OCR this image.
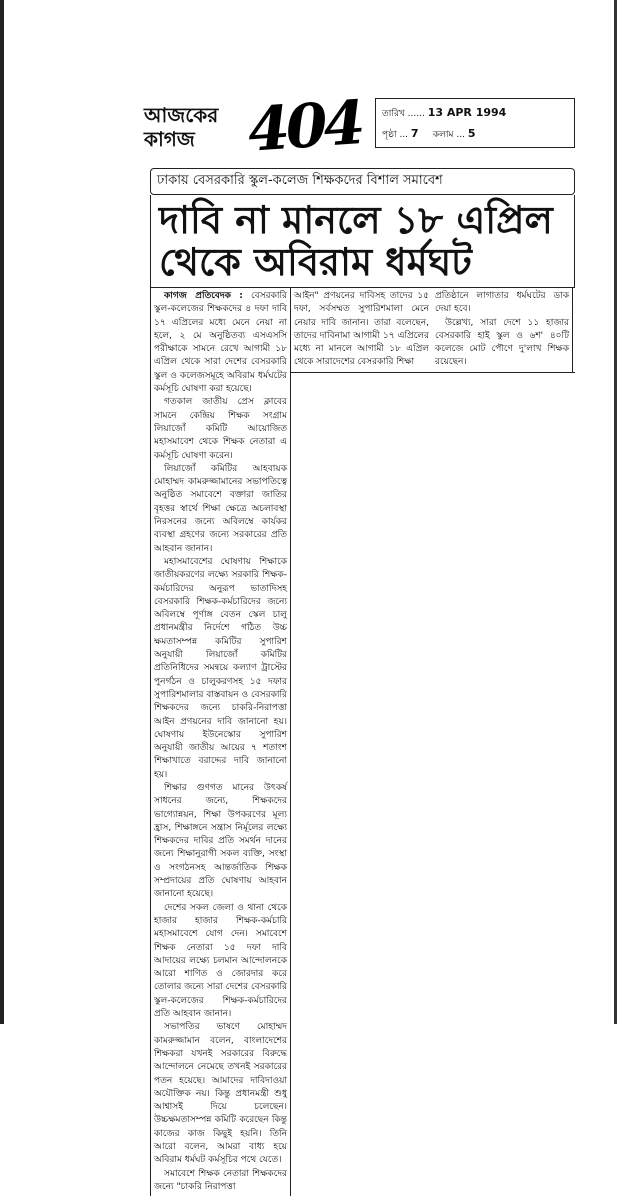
আজকের কাগজ 404 তারিখ ...... 13 APR 1994
পৃষ্ঠা ... 7 কলাম ... 5
ঢাকায় বেসরকারি স্কুল-কলেজ শিক্ষকদের বিশাল সমাবেশ
দাবি না মানলে ১৮ এপ্রিল
থেকে অবিরাম ধর্মঘট

কাগজ প্রতিবেদক : বেসরকারি স্কুল-কলেজের শিক্ষকদের ৪ দফা দাবি ১৭ এপ্রিলের মধ্যে মেনে নেয়া না হলে, ২ মে অনুষ্ঠিতব্য এসএসসি পরীক্ষাকে সামনে রেখে আগামী ১৮ এপ্রিল থেকে সারা দেশের বেসরকারি স্কুল ও কলেজসমূহে অবিরাম ধর্মঘটের কর্মসূচি ঘোষণা করা হয়েছে।

গতকাল জাতীয় প্রেস ক্লাবের সামনে কেন্দ্রিয় শিক্ষক সংগ্রাম লিয়াজোঁ কমিটি আয়োজিত মহাসমাবেশ থেকে শিক্ষক নেতারা এ কর্মসূচি ঘোষণা করেন।

লিয়াজোঁ কমিটির আহবায়ক মোহাম্মদ কামরুজ্জামানের সভাপতিত্বে অনুষ্ঠিত সমাবেশে বক্তারা জাতির বৃহত্তর স্বার্থে শিক্ষা ক্ষেত্রে অচলাবস্থা নিরসনের জন্যে অবিলম্বে কার্যকর ব্যবস্থা গ্রহণের জন্যে সরকারের প্রতি আহবান জানান।

মহাসমাবেশের ঘোষণায় শিক্ষাকে জাতীয়করণের লক্ষ্যে সরকারি শিক্ষক-কর্মচারিদের অনুরূপ ভাতাদিসহ বেসরকারি শিক্ষক-কর্মচারিদের জন্যে অবিলম্বে পূর্ণাঙ্গ বেতন স্কেল চালু প্রধানমন্ত্রীর নির্দেশে গঠিত উচ্চ ক্ষমতাসম্পন্ন কমিটির সুপারিশ অনুযায়ী লিয়াজোঁ কমিটির প্রতিনিধিদের সমন্বয়ে কল্যাণ ট্রাস্টের পুনর্গঠন ও চালুকরণসহ ১৫ দফার সুপারিশমালার বাস্তবায়ন ও বেসরকারি শিক্ষকদের জন্যে চাকরি-নিরাপত্তা আইন প্রণয়নের দাবি জানানো হয়। ঘোষণায় ইউনেস্কোর সুপারিশ অনুযায়ী জাতীয় আয়ের ৭ শতাংশ শিক্ষাখাতে বরাদ্দের দাবি জানানো হয়।

শিক্ষার গুণগত মানের উৎকর্ষ সাধনের জন্যে, শিক্ষকদের ভাগ্যোন্নয়ন, শিক্ষা উপকরণের মূল্য হ্রাস, শিক্ষাঙ্গনে সন্ত্রাস নির্মূলের লক্ষ্যে শিক্ষকদের দাবির প্রতি সমর্থন দানের জন্যে শিক্ষানুরাগী সকল ব্যক্তি, সংস্থা ও সংগঠনসহ আন্তর্জাতিক শিক্ষক সম্প্রদায়ের প্রতি ঘোষণায় আহবান জানানো হয়েছে।

দেশের সকল জেলা ও থানা থেকে হাজার হাজার শিক্ষক-কর্মচারি মহাসমাবেশে যোগ দেন। সমাবেশে শিক্ষক নেতারা ১৫ দফা দাবি আদায়ের লক্ষ্যে চলমান আন্দোলনকে আরো শাণিত ও জোরদার করে তোলার জন্যে সারা দেশের বেসরকারি স্কুল-কলেজের শিক্ষক-কর্মচারিদের প্রতি আহবান জানান।

সভাপতির ভাষণে মোহাম্মদ কামরুজ্জামান বলেন, বাংলাদেশের শিক্ষকরা যখনই সরকারের বিরুদ্ধে আন্দোলনে নেমেছে তখনই সরকারের পতন হয়েছে। আমাদের দাবিদাওয়া অযৌক্তিক নয়। কিন্তু প্রধানমন্ত্রী শুধু আশ্বাসই দিয়ে চলেছেন। উচ্চক্ষমতাসম্পন্ন কমিটি করেছেন কিন্তু কাজের কাজ কিছুই হয়নি। তিনি আরো বলেন, আমরা বাধ্য হয়ে অবিরাম ধর্মঘট কর্মসূচির পথে যেতে।

সমাবেশে শিক্ষক নেতারা শিক্ষকদের জন্যে "চাকরি নিরাপত্তা

আইন" প্রণয়নের দাবিসহ তাদের ১৫ দফা, সর্বসম্মত সুপারিশমালা মেনে নেয়ার দাবি জানান। তারা বলেছেন, তাদের দাবিনামা আগামী ১৭ এপ্রিলের মধ্যে না মানলে আগামী ১৮ এপ্রিল থেকে সারাদেশের বেসরকারি শিক্ষা

প্রতিষ্ঠানে লাগাতার ধর্মঘটের ডাক দেয়া হবে।

উল্লেখ্য, সারা দেশে ১১ হাজার বেসরকারি হাই স্কুল ও ৬শ' ৪০টি কলেজে মোট পৌণে দু'লাখ শিক্ষক রয়েছেন।
